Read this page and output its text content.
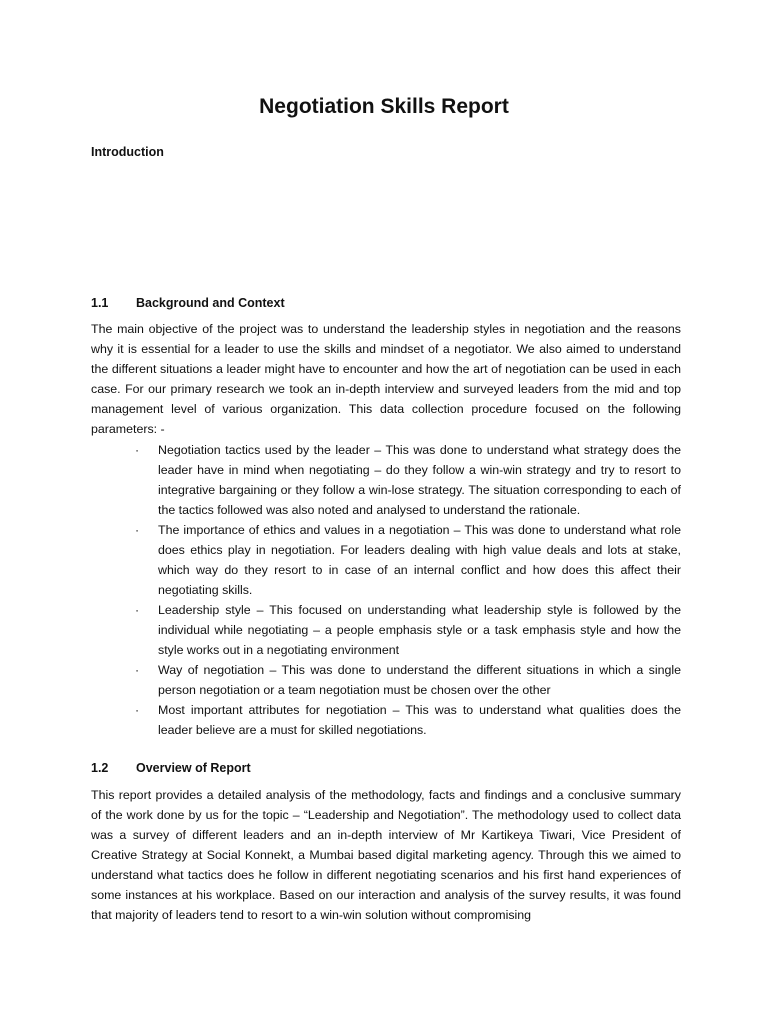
Negotiation Skills Report
Introduction
1.1 Background and Context

The main objective of the project was to understand the leadership styles in negotiation and the reasons why it is essential for a leader to use the skills and mindset of a negotiator. We also aimed to understand the different situations a leader might have to encounter and how the art of negotiation can be used in each case. For our primary research we took an in-depth interview and surveyed leaders from the mid and top management level of various organization. This data collection procedure focused on the following parameters: -

· Negotiation tactics used by the leader – This was done to understand what strategy does the leader have in mind when negotiating – do they follow a win-win strategy and try to resort to integrative bargaining or they follow a win-lose strategy. The situation corresponding to each of the tactics followed was also noted and analysed to understand the rationale.
· The importance of ethics and values in a negotiation – This was done to understand what role does ethics play in negotiation. For leaders dealing with high value deals and lots at stake, which way do they resort to in case of an internal conflict and how does this affect their negotiating skills.
· Leadership style – This focused on understanding what leadership style is followed by the individual while negotiating – a people emphasis style or a task emphasis style and how the style works out in a negotiating environment
· Way of negotiation – This was done to understand the different situations in which a single person negotiation or a team negotiation must be chosen over the other
· Most important attributes for negotiation – This was to understand what qualities does the leader believe are a must for skilled negotiations.
1.2 Overview of Report

This report provides a detailed analysis of the methodology, facts and findings and a conclusive summary of the work done by us for the topic – “Leadership and Negotiation”. The methodology used to collect data was a survey of different leaders and an in-depth interview of Mr Kartikeya Tiwari, Vice President of Creative Strategy at Social Konnekt, a Mumbai based digital marketing agency. Through this we aimed to understand what tactics does he follow in different negotiating scenarios and his first hand experiences of some instances at his workplace. Based on our interaction and analysis of the survey results, it was found that majority of leaders tend to resort to a win-win solution without compromising
